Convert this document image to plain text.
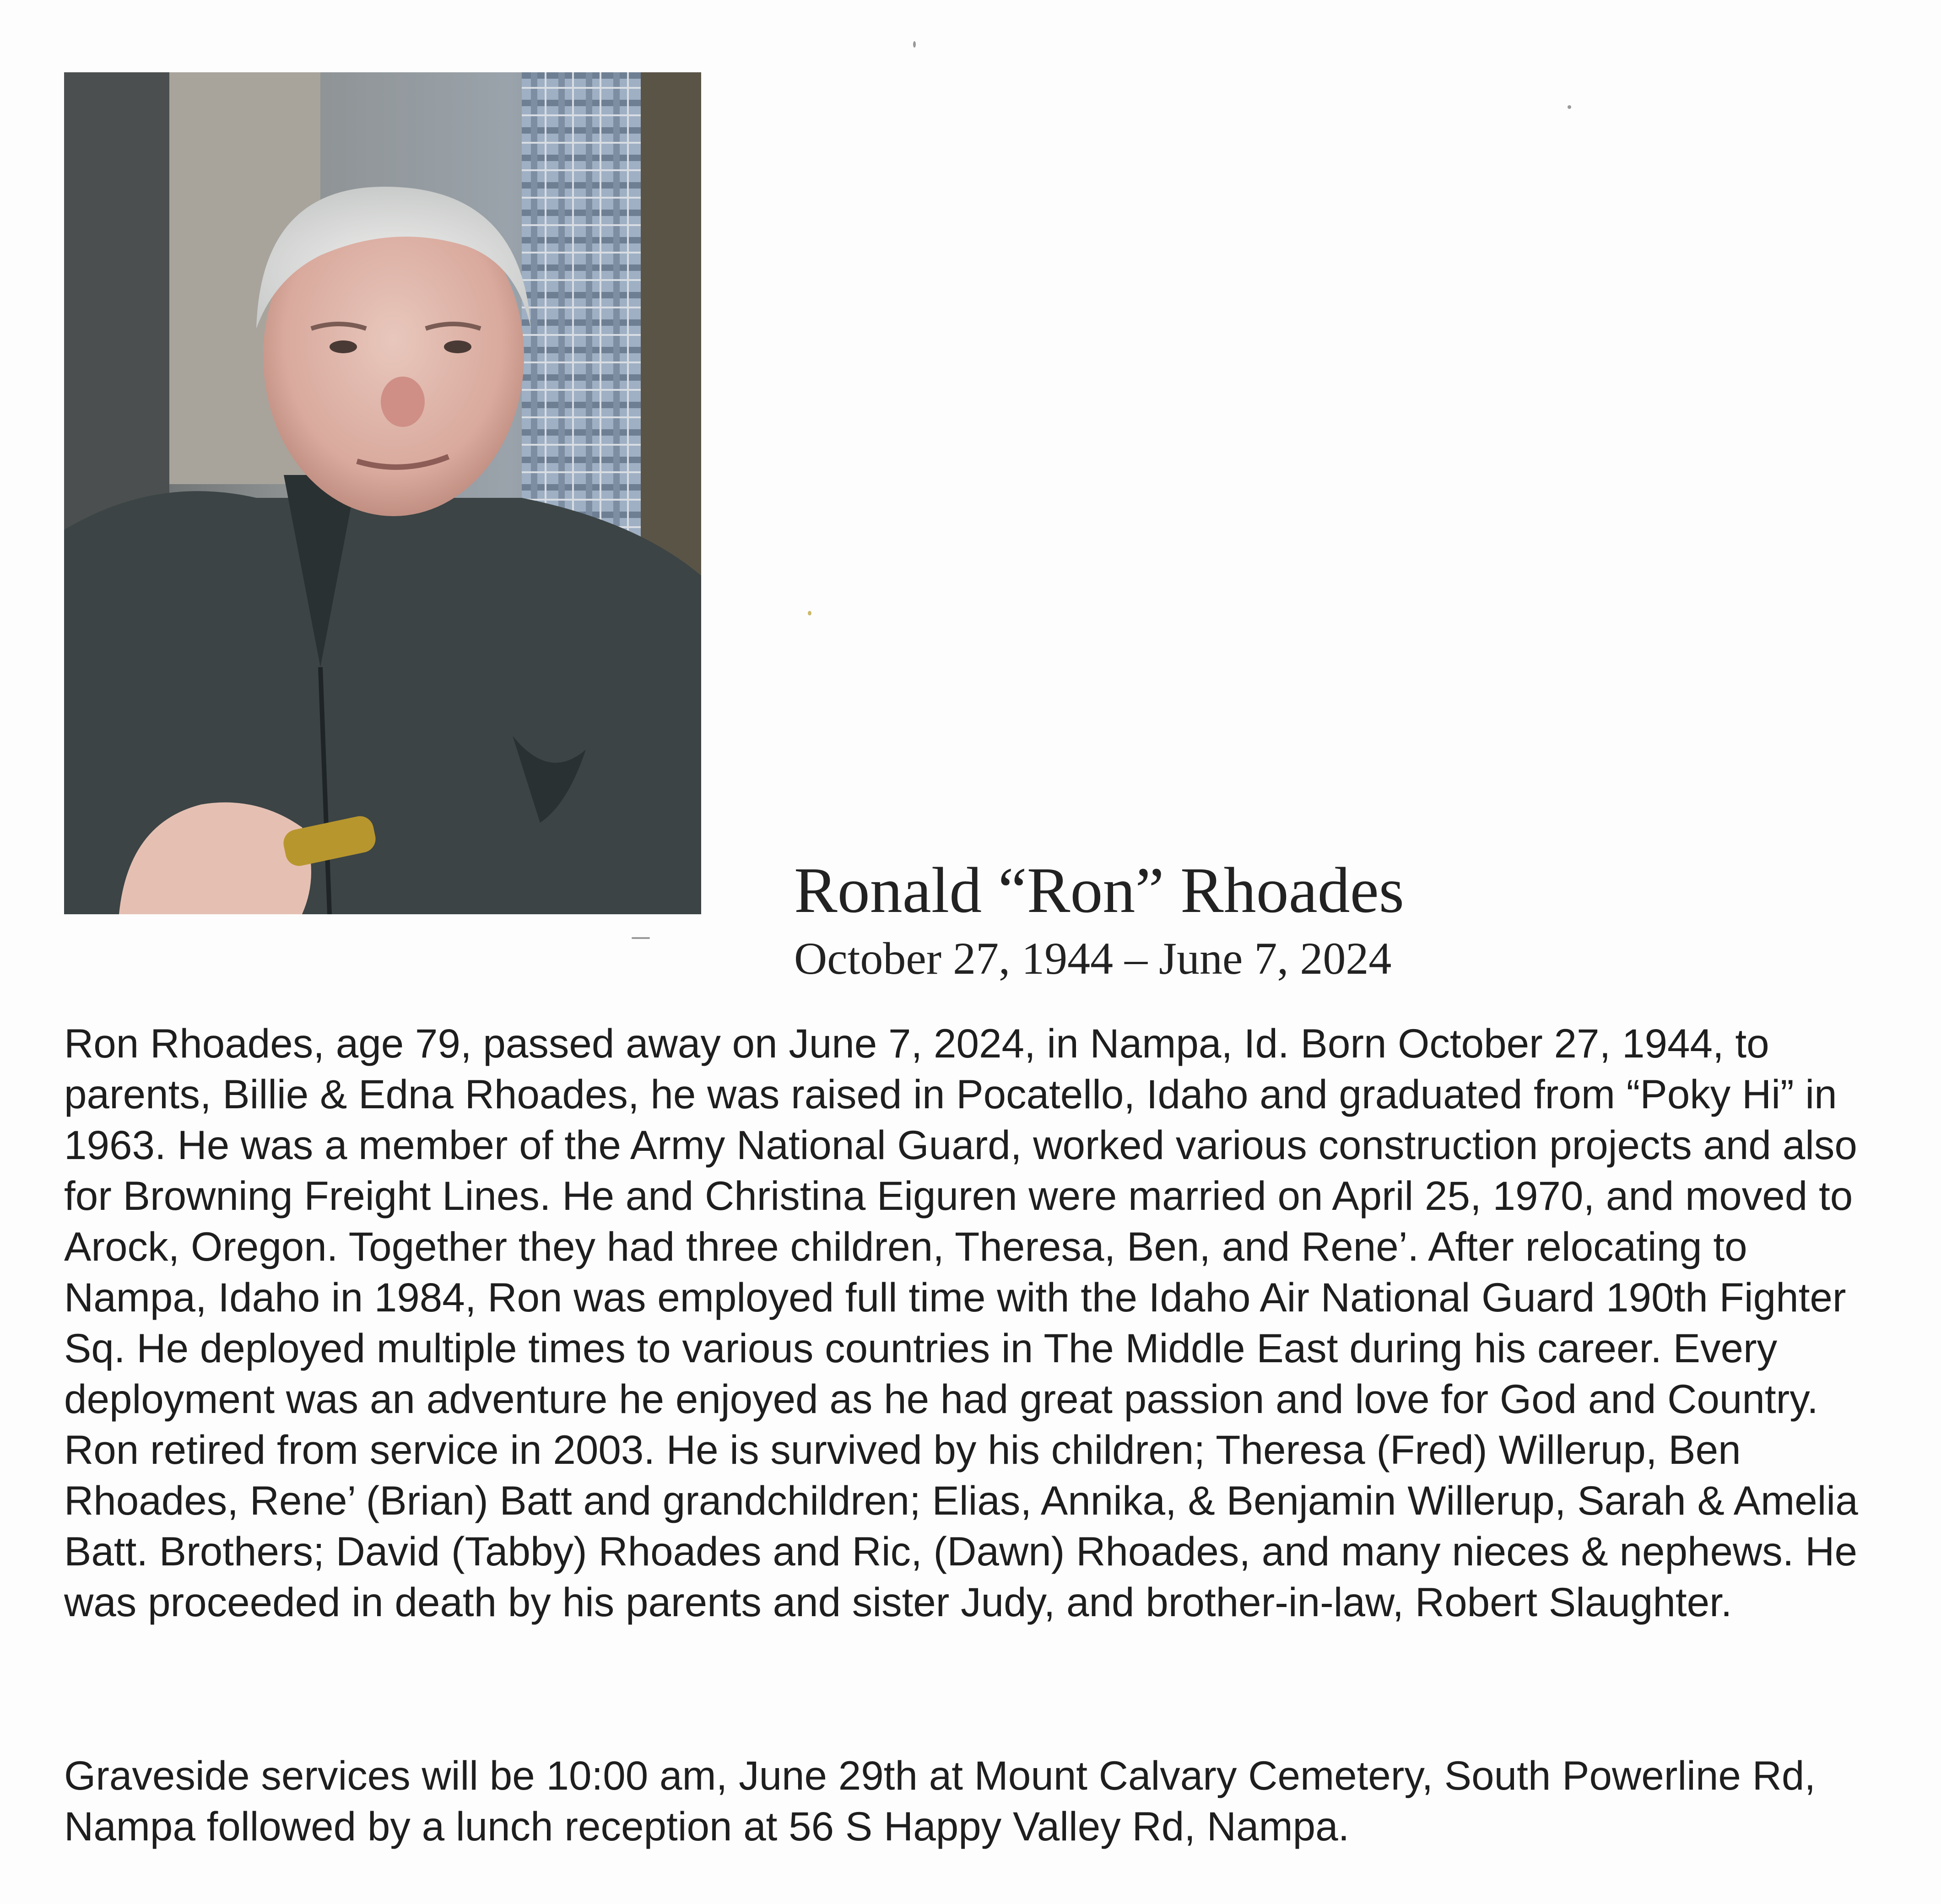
Ronald “Ron” Rhoades

October 27, 1944 – June 7, 2024

Ron Rhoades, age 79, passed away on June 7, 2024, in Nampa, Id. Born October 27, 1944, to parents, Billie & Edna Rhoades, he was raised in Pocatello, Idaho and graduated from “Poky Hi” in 1963. He was a member of the Army National Guard, worked various construction projects and also for Browning Freight Lines. He and Christina Eiguren were married on April 25, 1970, and moved to Arock, Oregon. Together they had three children, Theresa, Ben, and Rene’. After relocating to Nampa, Idaho in 1984, Ron was employed full time with the Idaho Air National Guard 190th Fighter Sq. He deployed multiple times to various countries in The Middle East during his career. Every deployment was an adventure he enjoyed as he had great passion and love for God and Country. Ron retired from service in 2003. He is survived by his children; Theresa (Fred) Willerup, Ben Rhoades, Rene’ (Brian) Batt and grandchildren; Elias, Annika, & Benjamin Willerup, Sarah & Amelia Batt. Brothers; David (Tabby) Rhoades and Ric, (Dawn) Rhoades, and many nieces & nephews. He was proceeded in death by his parents and sister Judy, and brother-in-law, Robert Slaughter.

Graveside services will be 10:00 am, June 29th at Mount Calvary Cemetery, South Powerline Rd, Nampa followed by a lunch reception at 56 S Happy Valley Rd, Nampa.
